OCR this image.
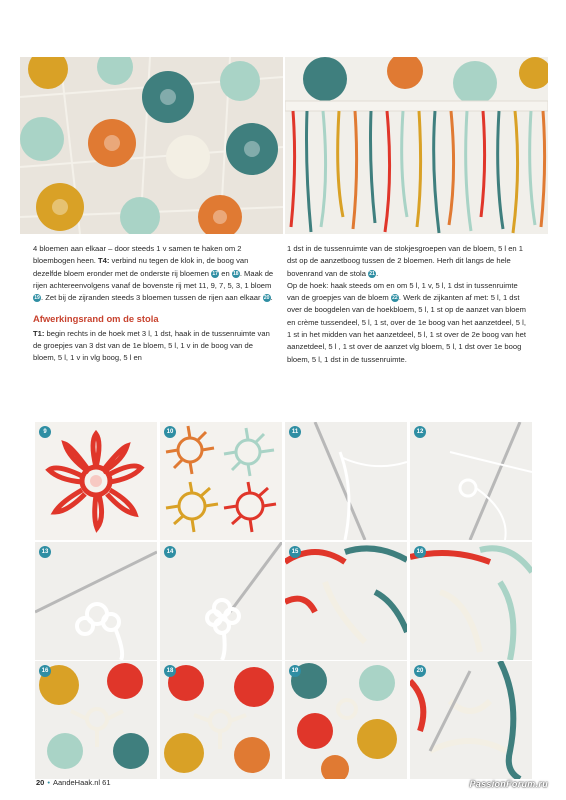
4 bloemen aan elkaar – door steeds 1 v samen te haken om 2 bloembogen heen. T4: verbind nu tegen de klok in, de boog van dezelfde bloem eronder met de onderste rij bloemen 17 en 18. Maak de rijen achtereenvolgens vanaf de bovenste rij met 11, 9, 7, 5, 3, 1 bloem 19. Zet bij de zijranden steeds 3 bloemen tussen de rijen aan elkaar 20.

Afwerkingsrand om de stola

T1: begin rechts in de hoek met 3 l, 1 dst, haak in de tussenruimte van de groepjes van 3 dst van de 1e bloem, 5 l, 1 v in de boog van de bloem, 5 l, 1 v in vlg boog, 5 l en

1 dst in de tussenruimte van de stokjesgroepen van de bloem, 5 l en 1 dst op de aanzetboog tussen de 2 bloemen. Herh dit langs de hele bovenrand van de stola 21.

Op de hoek: haak steeds om en om 5 l, 1 v, 5 l, 1 dst in tussenruimte van de groepjes van de bloem 22. Werk de zijkanten af met: 5 l, 1 dst over de boogdelen van de hoekbloem, 5 l, 1 st op de aanzet van bloem en crème tussendeel, 5 l, 1 st, over de 1e boog van het aanzetdeel, 5 l, 1 st in het midden van het aanzetdeel, 5 l, 1 st over de 2e boog van het aanzetdeel, 5 l , 1 st over de aanzet vlg bloem, 5 l, 1 dst over 1e boog bloem, 5 l, 1 dst in de tussenruimte.

9	10	11	12
13	14	15	16
16	18	19	20
20 • AandeHaak.nl 61	PassionForum.ru
